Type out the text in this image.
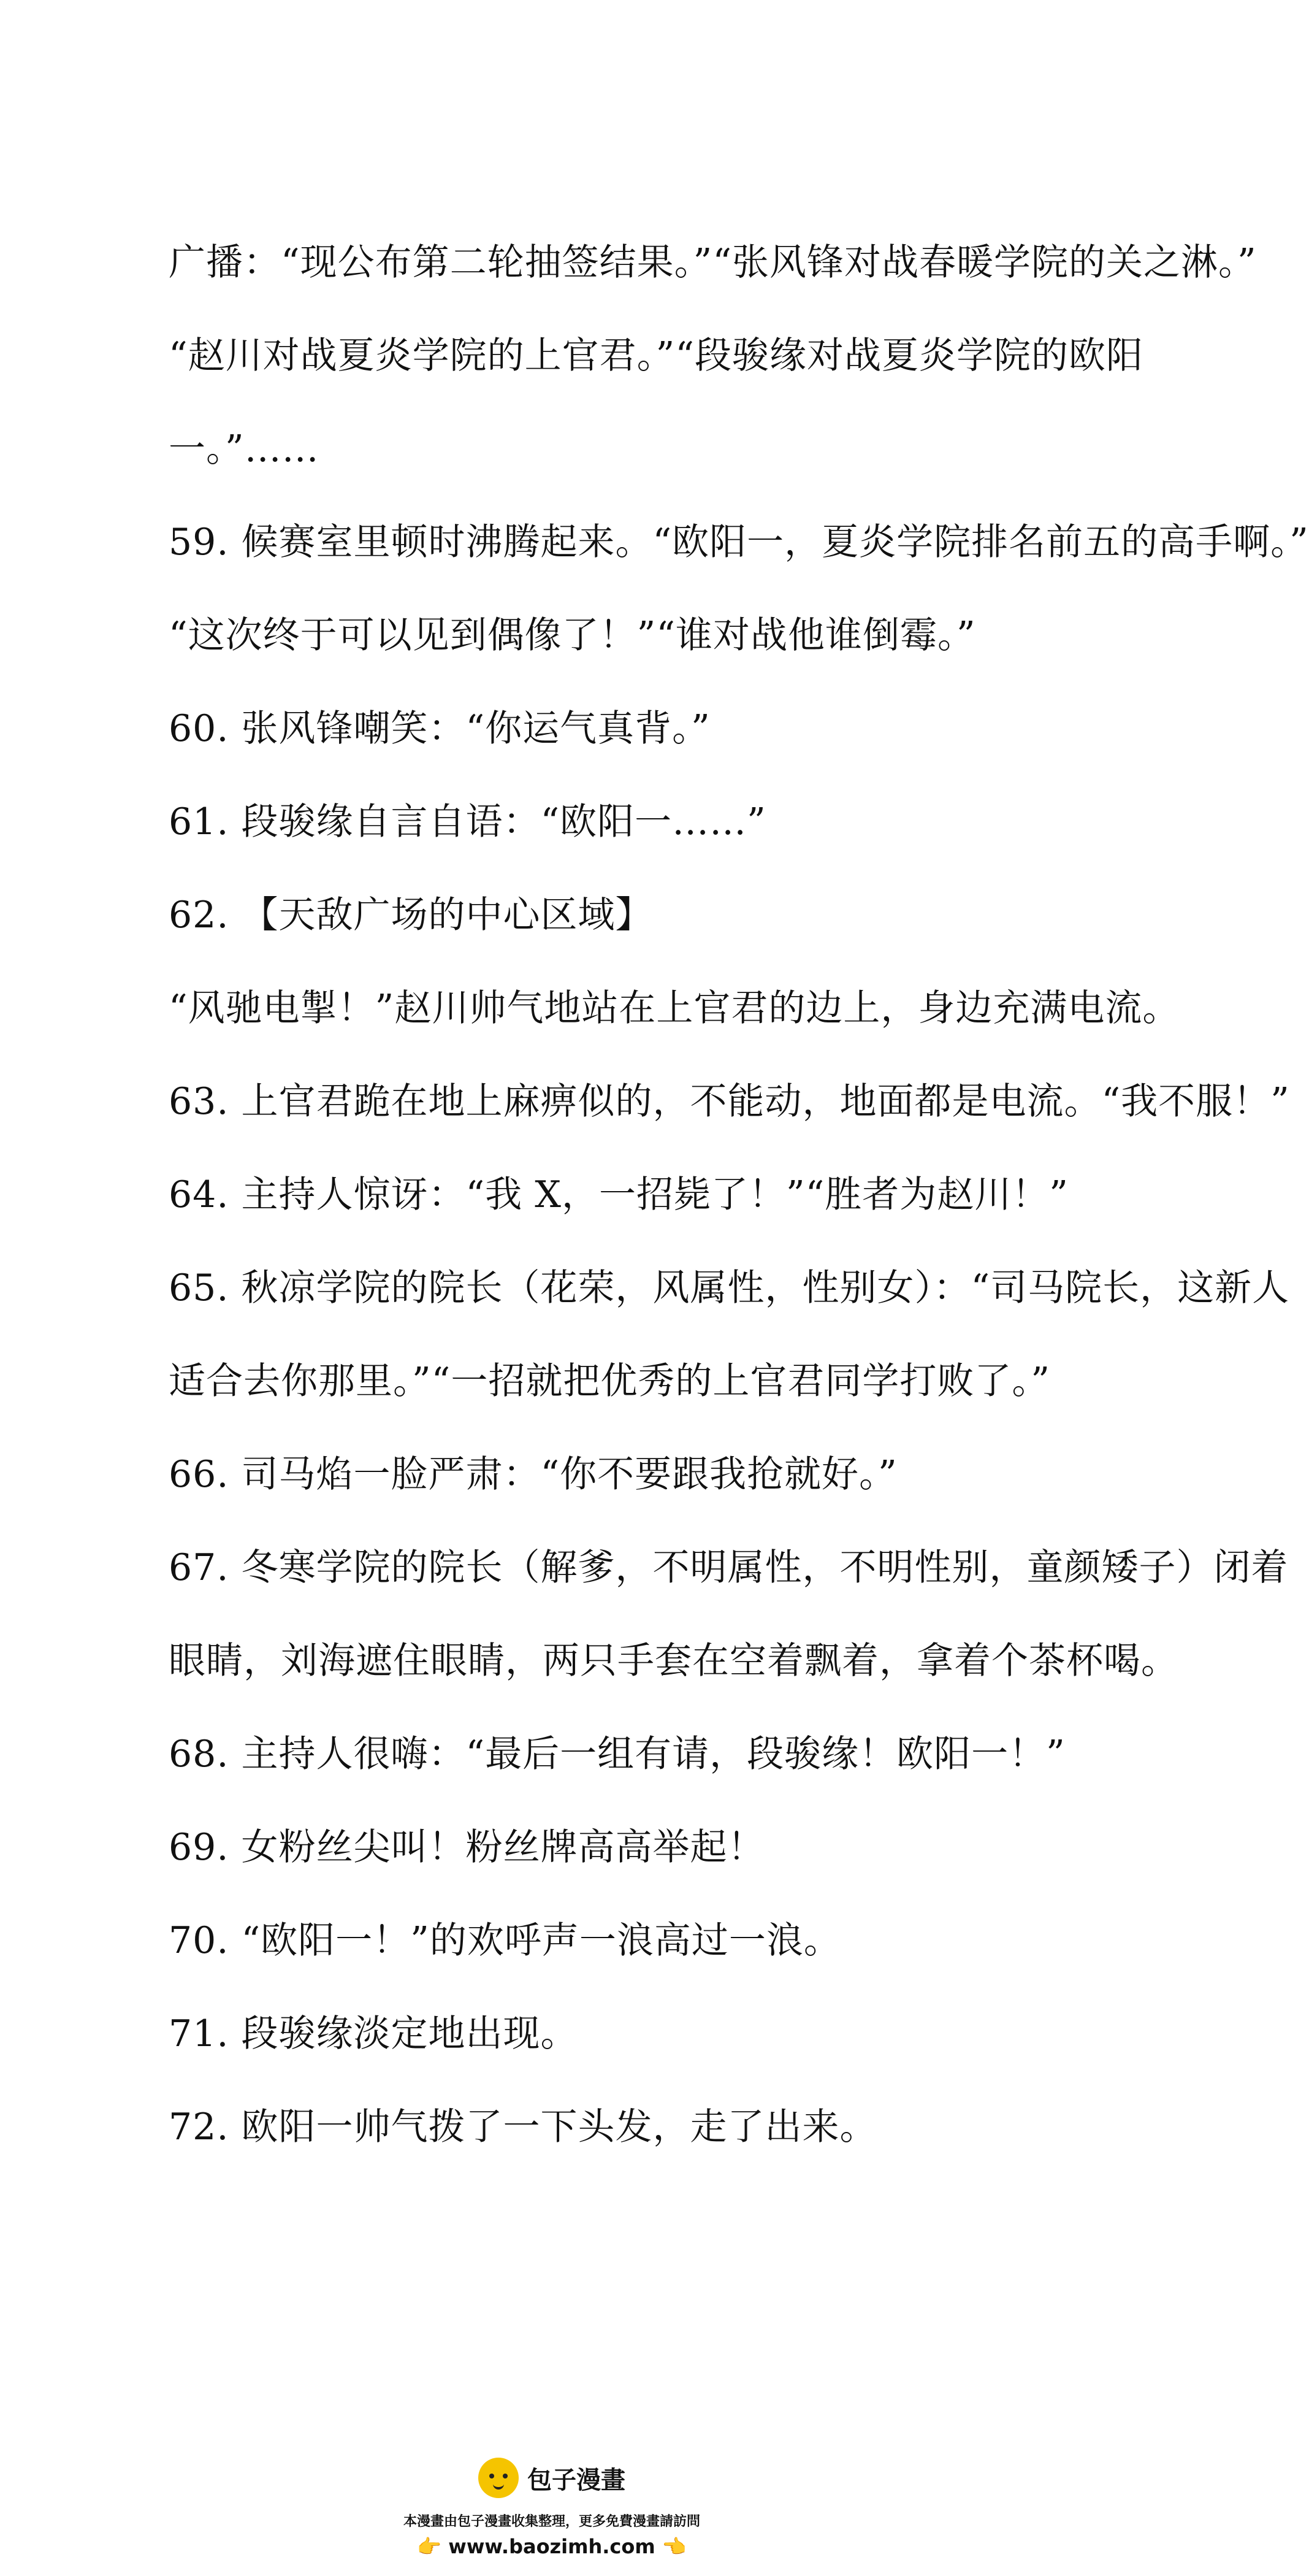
广播：“现公布第二轮抽签结果。”“张风锋对战春暖学院的关之淋。”
“赵川对战夏炎学院的上官君。”“段骏缘对战夏炎学院的欧阳
一。”……
59. 候赛室里顿时沸腾起来。“欧阳一，夏炎学院排名前五的高手啊。”
“这次终于可以见到偶像了！”“谁对战他谁倒霉。”
60. 张风锋嘲笑：“你运气真背。”
61. 段骏缘自言自语：“欧阳一……”
62. 【天敌广场的中心区域】
“风驰电掣！”赵川帅气地站在上官君的边上，身边充满电流。
63. 上官君跪在地上麻痹似的，不能动，地面都是电流。“我不服！”
64. 主持人惊讶：“我 X，一招毙了！”“胜者为赵川！”
65. 秋凉学院的院长（花荣，风属性，性别女）：“司马院长，这新人
适合去你那里。”“一招就把优秀的上官君同学打败了。”
66. 司马焰一脸严肃：“你不要跟我抢就好。”
67. 冬寒学院的院长（解爹，不明属性，不明性别，童颜矮子）闭着
眼睛，刘海遮住眼睛，两只手套在空着飘着，拿着个茶杯喝。
68. 主持人很嗨：“最后一组有请，段骏缘！欧阳一！”
69. 女粉丝尖叫！粉丝牌高高举起！
70. “欧阳一！”的欢呼声一浪高过一浪。
71. 段骏缘淡定地出现。
72. 欧阳一帅气拨了一下头发，走了出来。
包子漫畫
本漫畫由包子漫畫收集整理，更多免費漫畫請訪問
👉 www.baozimh.com 👈
